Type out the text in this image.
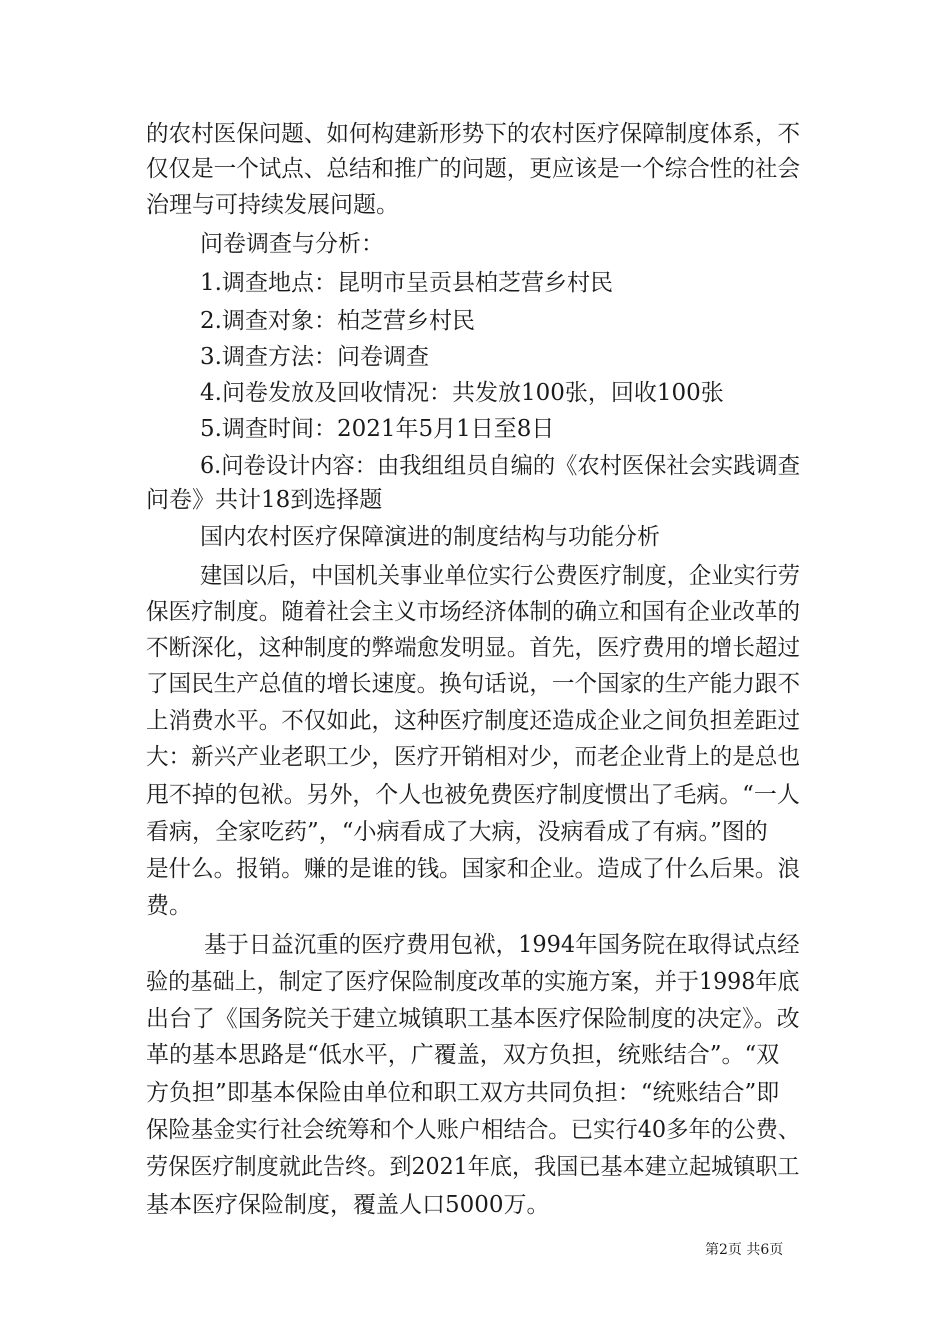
的农村医保问题、如何构建新形势下的农村医疗保障制度体系，不
仅仅是一个试点、总结和推广的问题，更应该是一个综合性的社会
治理与可持续发展问题。
问卷调查与分析：
1.调查地点：昆明市呈贡县柏芝营乡村民
2.调查对象：柏芝营乡村民
3.调查方法：问卷调查
4.问卷发放及回收情况：共发放100张，回收100张
5.调查时间：2021年5月1日至8日
6.问卷设计内容：由我组组员自编的《农村医保社会实践调查
问卷》共计18到选择题
国内农村医疗保障演进的制度结构与功能分析
建国以后，中国机关事业单位实行公费医疗制度，企业实行劳
保医疗制度。随着社会主义市场经济体制的确立和国有企业改革的
不断深化，这种制度的弊端愈发明显。首先，医疗费用的增长超过
了国民生产总值的增长速度。换句话说，一个国家的生产能力跟不
上消费水平。不仅如此，这种医疗制度还造成企业之间负担差距过
大：新兴产业老职工少，医疗开销相对少，而老企业背上的是总也
甩不掉的包袱。另外，个人也被免费医疗制度惯出了毛病。“一人
看病，全家吃药”，“小病看成了大病，没病看成了有病。”图的
是什么。报销。赚的是谁的钱。国家和企业。造成了什么后果。浪
费。
基于日益沉重的医疗费用包袱，1994年国务院在取得试点经
验的基础上，制定了医疗保险制度改革的实施方案，并于1998年底
出台了《国务院关于建立城镇职工基本医疗保险制度的决定》。改
革的基本思路是“低水平，广覆盖，双方负担，统账结合”。“双
方负担”即基本保险由单位和职工双方共同负担：“统账结合”即
保险基金实行社会统筹和个人账户相结合。已实行40多年的公费、
劳保医疗制度就此告终。到2021年底，我国已基本建立起城镇职工
基本医疗保险制度，覆盖人口5000万。
第2页 共6页
